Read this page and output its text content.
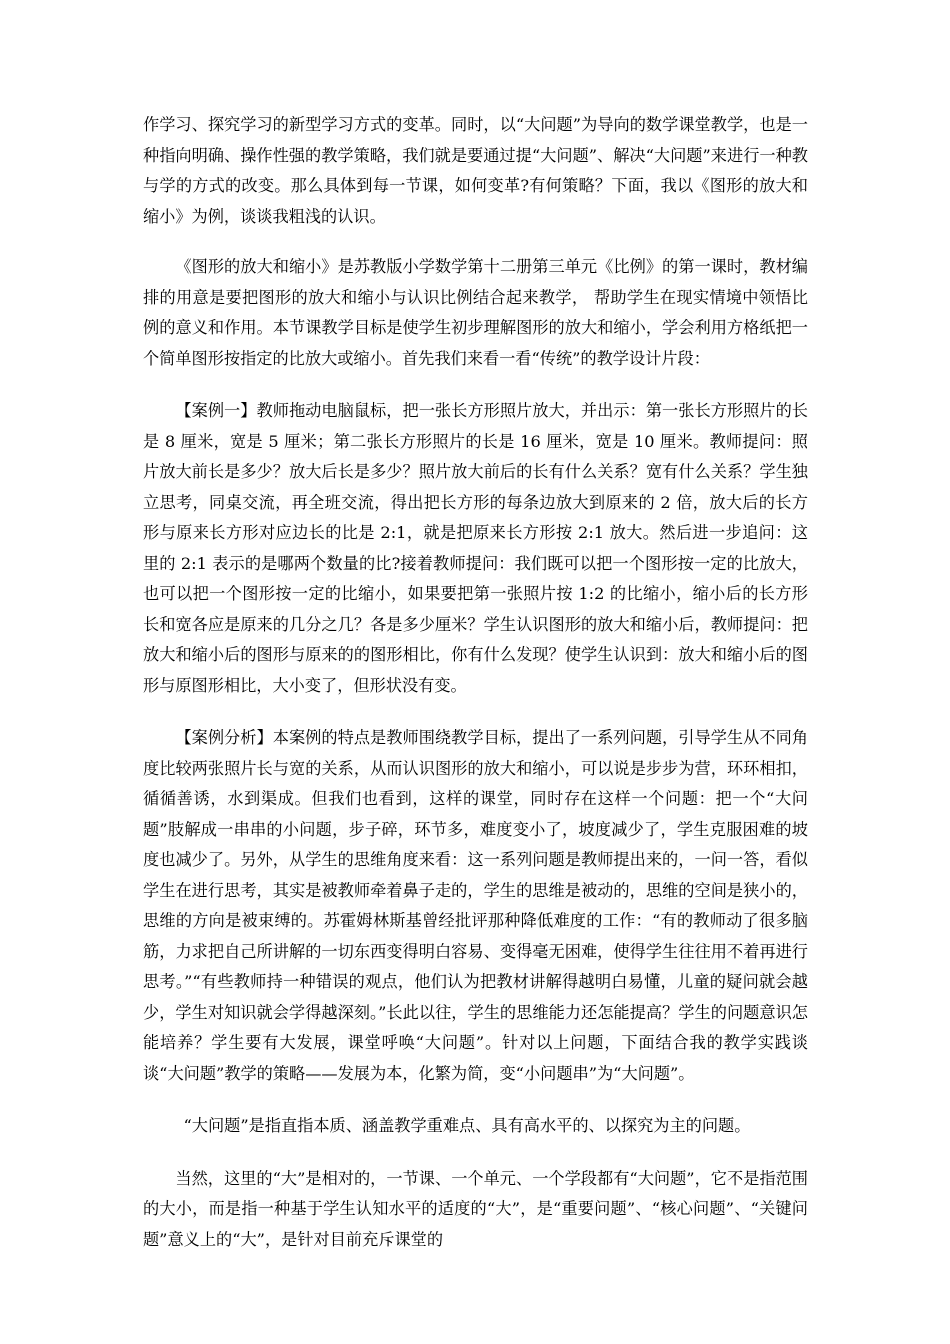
作学习、探究学习的新型学习方式的变革。同时，以“大问题”为导向的数学课堂教学，也是一种指向明确、操作性强的教学策略，我们就是要通过提“大问题”、解决“大问题”来进行一种教与学的方式的改变。那么具体到每一节课，如何变革?有何策略？下面，我以《图形的放大和缩小》为例，谈谈我粗浅的认识。

《图形的放大和缩小》是苏教版小学数学第十二册第三单元《比例》的第一课时，教材编排的用意是要把图形的放大和缩小与认识比例结合起来教学， 帮助学生在现实情境中领悟比例的意义和作用。本节课教学目标是使学生初步理解图形的放大和缩小，学会利用方格纸把一个简单图形按指定的比放大或缩小。首先我们来看一看“传统”的教学设计片段：

【案例一】教师拖动电脑鼠标，把一张长方形照片放大，并出示：第一张长方形照片的长是 8 厘米，宽是 5 厘米；第二张长方形照片的长是 16 厘米，宽是 10 厘米。教师提问：照片放大前长是多少？放大后长是多少？照片放大前后的长有什么关系？宽有什么关系？学生独立思考，同桌交流，再全班交流，得出把长方形的每条边放大到原来的 2 倍，放大后的长方形与原来长方形对应边长的比是 2:1，就是把原来长方形按 2:1 放大。然后进一步追问：这里的 2:1 表示的是哪两个数量的比?接着教师提问：我们既可以把一个图形按一定的比放大，也可以把一个图形按一定的比缩小，如果要把第一张照片按 1:2 的比缩小，缩小后的长方形长和宽各应是原来的几分之几？各是多少厘米？学生认识图形的放大和缩小后，教师提问：把放大和缩小后的图形与原来的的图形相比，你有什么发现？使学生认识到：放大和缩小后的图形与原图形相比，大小变了，但形状没有变。

【案例分析】本案例的特点是教师围绕教学目标，提出了一系列问题，引导学生从不同角度比较两张照片长与宽的关系，从而认识图形的放大和缩小，可以说是步步为营，环环相扣，循循善诱，水到渠成。但我们也看到，这样的课堂，同时存在这样一个问题：把一个“大问题”肢解成一串串的小问题，步子碎，环节多，难度变小了，坡度减少了，学生克服困难的坡度也减少了。另外，从学生的思维角度来看：这一系列问题是教师提出来的，一问一答，看似学生在进行思考，其实是被教师牵着鼻子走的，学生的思维是被动的，思维的空间是狭小的，思维的方向是被束缚的。苏霍姆林斯基曾经批评那种降低难度的工作：“有的教师动了很多脑筋，力求把自己所讲解的一切东西变得明白容易、变得毫无困难，使得学生往往用不着再进行思考。”“有些教师持一种错误的观点，他们认为把教材讲解得越明白易懂，儿童的疑问就会越少，学生对知识就会学得越深刻。”长此以往，学生的思维能力还怎能提高？学生的问题意识怎能培养？学生要有大发展，课堂呼唤“大问题”。针对以上问题，下面结合我的教学实践谈谈“大问题”教学的策略——发展为本，化繁为简，变“小问题串”为“大问题”。

“大问题”是指直指本质、涵盖教学重难点、具有高水平的、以探究为主的问题。

当然，这里的“大”是相对的，一节课、一个单元、一个学段都有“大问题”，它不是指范围的大小，而是指一种基于学生认知水平的适度的“大”，是“重要问题”、“核心问题”、“关键问题”意义上的“大”，是针对目前充斥课堂的
